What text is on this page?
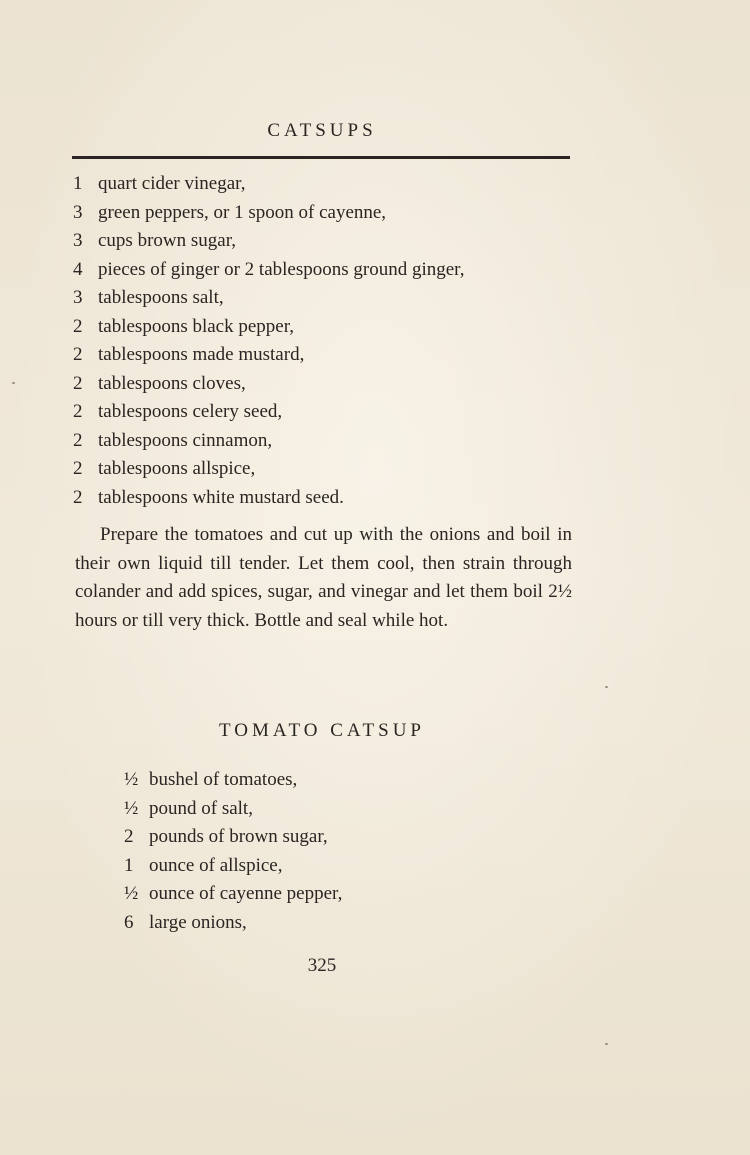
CATSUPS
1 quart cider vinegar,
3 green peppers, or 1 spoon of cayenne,
3 cups brown sugar,
4 pieces of ginger or 2 tablespoons ground ginger,
3 tablespoons salt,
2 tablespoons black pepper,
2 tablespoons made mustard,
2 tablespoons cloves,
2 tablespoons celery seed,
2 tablespoons cinnamon,
2 tablespoons allspice,
2 tablespoons white mustard seed.

Prepare the tomatoes and cut up with the onions and boil in their own liquid till tender. Let them cool, then strain through colander and add spices, sugar, and vinegar and let them boil 2½ hours or till very thick. Bottle and seal while hot.

TOMATO CATSUP
½ bushel of tomatoes,
½ pound of salt,
2 pounds of brown sugar,
1 ounce of allspice,
½ ounce of cayenne pepper,
6 large onions,
325
